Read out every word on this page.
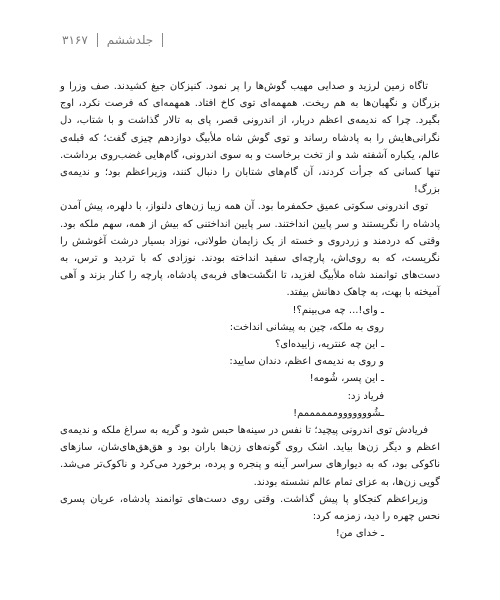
۳۱۶۷ جلدششم

تاگاه زمین لرزید و صدایی مهیب گوش‌ها را پر نمود. کنیزکان جیغ کشیدند. صف وزرا و بزرگان و نگهبان‌ها به هم ریخت. همهمه‌ای توی کاخ افتاد. همهمه‌ای که فرصت نکرد، اوج بگیرد. چرا که ندیمه‌ی اعظم دربار، از اندرونی قصر، پای به تالار گذاشت و با شتاب، دل نگرانی‌هایش را به پادشاه رساند و توی گوش شاه ملأبیگ دوازدهم چیزی گفت؛ که قبله‌ی عالم، یکباره آشفته شد و از تخت برخاست و به سوی اندرونی، گام‌هایی غضب‌روی برداشت. تنها کسانی که جرأت کردند، آن گام‌های شتابان را دنبال کنند، وزیراعظم بود؛ و ندیمه‌ی بزرگ!

توی اندرونی سکوتی عمیق حکمفرما بود. آن همه زیبا زن‌های دلنواز، با دلهره، پیش آمدن پادشاه را نگریستند و سر پایین انداختند. سر پایین انداختنی که بیش از همه، سهم ملکه بود. وقتی که دردمند و زردروی و خسته از یک زایمان طولانی، نوزاد بسیار درشت آغوشش را نگریست، که به روی‌اش، پارچه‌ای سفید انداخته بودند. نوزادی که با تردید و ترس، به دست‌های توانمند شاه ملأبیگ لغزید، تا انگشت‌های فربه‌ی پادشاه، پارچه را کنار بزند و آهی آمیخته با بهت، به چاهک دهانش بیفتد.

ـ وای!... چه می‌بینم؟!
روی به ملکه، چین به پیشانی انداخت:
ـ این چه عنتریه، زاییده‌ای؟
و روی به ندیمه‌ی اعظم، دندان سایید:
ـ این پسر، شُومه!
فریاد زد:
ـشُوووووووممممممم!

فریادش توی اندرونی پیچید؛ تا نفس در سینه‌ها حبس شود و گریه به سراغ ملکه و ندیمه‌ی اعظم و دیگر زن‌ها بیاید. اشک روی گونه‌های زن‌ها باران بود و هق‌هق‌های‌شان، سازهای ناکوکی بود، که به دیوارهای سراسر آینه و پنجره و پرده، برخورد می‌کرد و ناکوک‌تر می‌شد. گویی زن‌ها، به عزای تمام عالم نشسته بودند.

وزیراعظم کنجکاو پا پیش گذاشت. وقتی روی دست‌های توانمند پادشاه، عریان پسری نحس چهره را دید، زمزمه کرد:

ـ خدای من!
